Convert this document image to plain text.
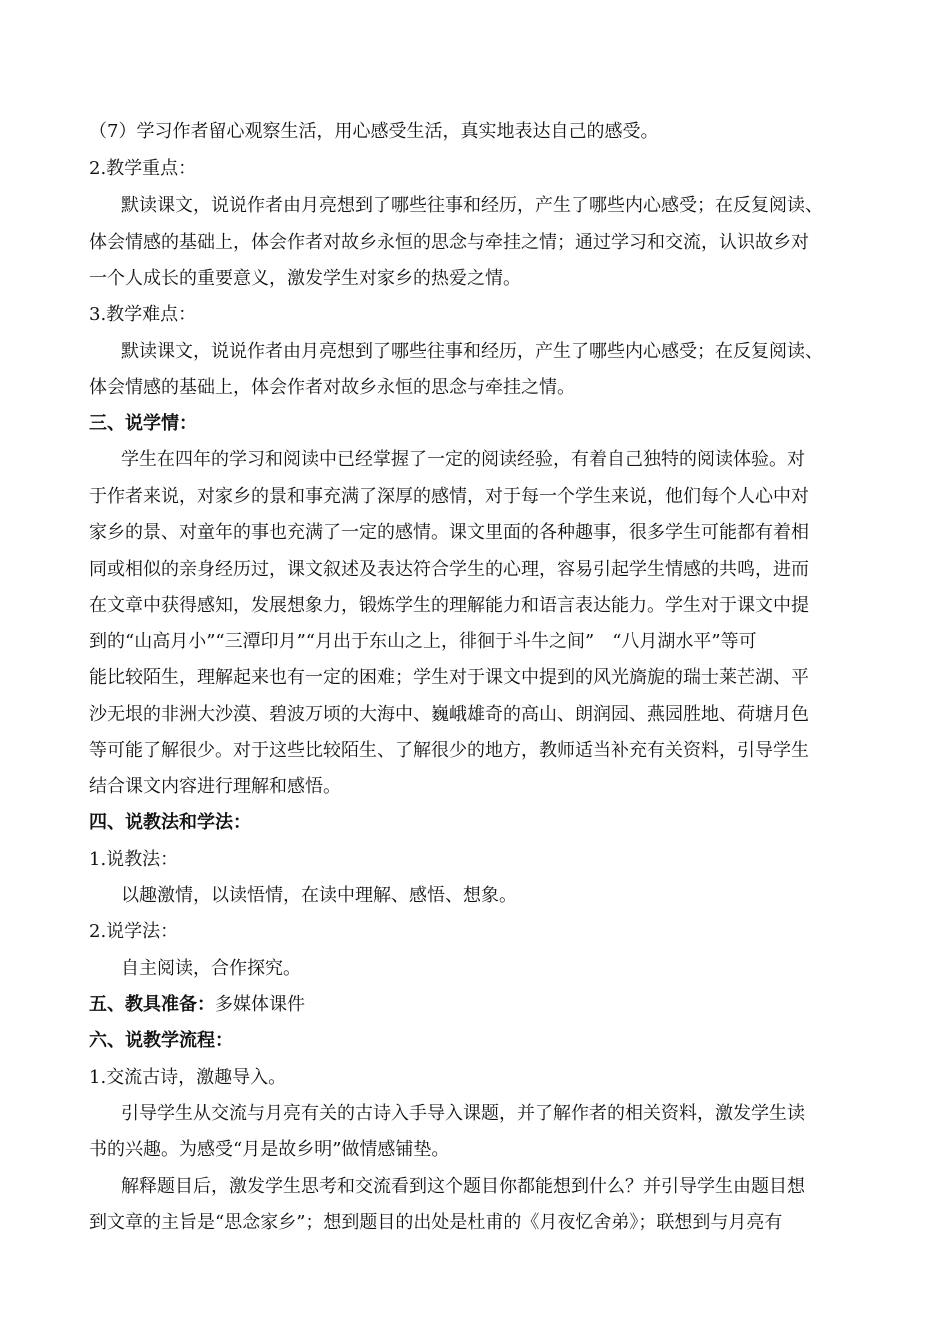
（7）学习作者留心观察生活，用心感受生活，真实地表达自己的感受。
2.教学重点：
默读课文，说说作者由月亮想到了哪些往事和经历，产生了哪些内心感受；在反复阅读、
体会情感的基础上，体会作者对故乡永恒的思念与牵挂之情；通过学习和交流，认识故乡对
一个人成长的重要意义，激发学生对家乡的热爱之情。
3.教学难点：
默读课文，说说作者由月亮想到了哪些往事和经历，产生了哪些内心感受；在反复阅读、
体会情感的基础上，体会作者对故乡永恒的思念与牵挂之情。
三、说学情：
学生在四年的学习和阅读中已经掌握了一定的阅读经验，有着自己独特的阅读体验。对
于作者来说，对家乡的景和事充满了深厚的感情，对于每一个学生来说，他们每个人心中对
家乡的景、对童年的事也充满了一定的感情。课文里面的各种趣事，很多学生可能都有着相
同或相似的亲身经历过，课文叙述及表达符合学生的心理，容易引起学生情感的共鸣，进而
在文章中获得感知，发展想象力，锻炼学生的理解能力和语言表达能力。学生对于课文中提
到的“山高月小”“三潭印月”“月出于东山之上，徘徊于斗牛之间”　“八月湖水平”等可
能比较陌生，理解起来也有一定的困难；学生对于课文中提到的风光旖旎的瑞士莱芒湖、平
沙无垠的非洲大沙漠、碧波万顷的大海中、巍峨雄奇的高山、朗润园、燕园胜地、荷塘月色
等可能了解很少。对于这些比较陌生、了解很少的地方，教师适当补充有关资料，引导学生
结合课文内容进行理解和感悟。
四、说教法和学法：
1.说教法：
以趣激情，以读悟情，在读中理解、感悟、想象。
2.说学法：
自主阅读，合作探究。
五、教具准备：多媒体课件
六、说教学流程：
1.交流古诗，激趣导入。
引导学生从交流与月亮有关的古诗入手导入课题，并了解作者的相关资料，激发学生读
书的兴趣。为感受“月是故乡明”做情感铺垫。
解释题目后，激发学生思考和交流看到这个题目你都能想到什么？并引导学生由题目想
到文章的主旨是“思念家乡”；想到题目的出处是杜甫的《月夜忆舍弟》；联想到与月亮有
